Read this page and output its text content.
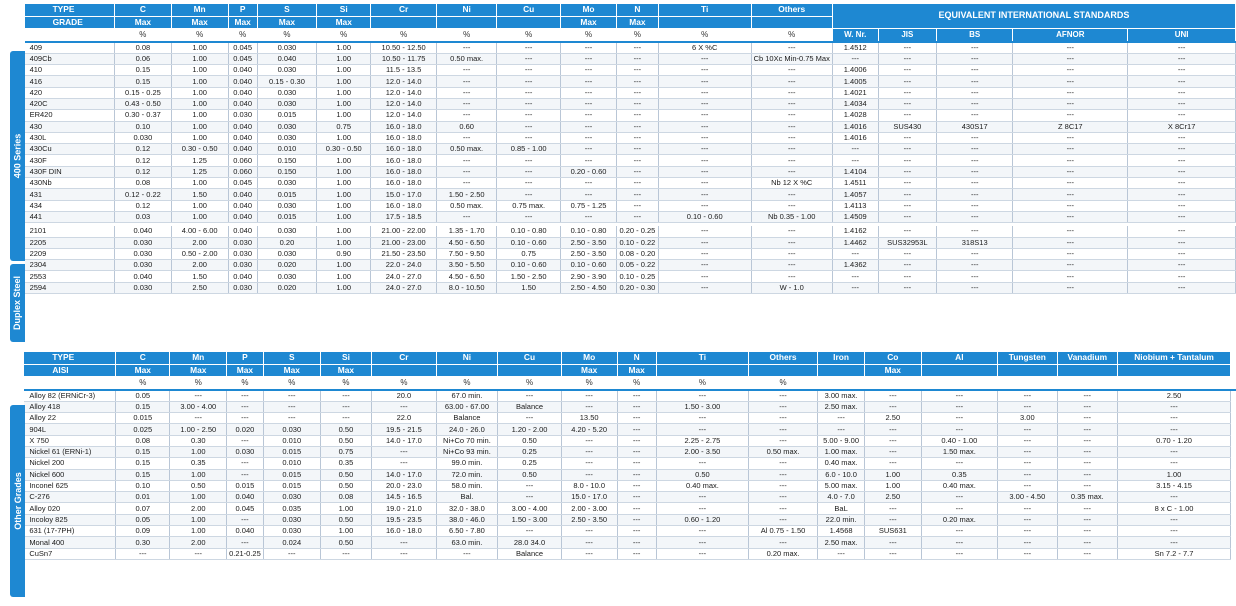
	TYPE	C	Mn	P	S	Si	Cr	Ni	Cu	Mo	N	Ti	Others	EQUIVALENT INTERNATIONAL STANDARDS				
	GRADE	Max	Max	Max	Max	Max				Max	Max							
		%	%	%	%	%	%	%	%	%	%	%	%	W. Nr.	JIS	BS	AFNOR	UNI
	409	0.08	1.00	0.045	0.030	1.00	10.50 - 12.50	---	---	---	---	6 X %C	---	1.4512	---	---	---	---
	409Cb	0.06	1.00	0.045	0.040	1.00	10.50 - 11.75	0.50 max.	---	---	---	---	Cb 10Xc Min-0.75 Max	---	---	---	---	---
	410	0.15	1.00	0.040	0.030	1.00	11.5 - 13.5	---	---	---	---	---	---	1.4006	---	---	---	---
	416	0.15	1.00	0.040	0.15 - 0.30	1.00	12.0 - 14.0	---	---	---	---	---	---	1.4005	---	---	---	---
	420	0.15 - 0.25	1.00	0.040	0.030	1.00	12.0 - 14.0	---	---	---	---	---	---	1.4021	---	---	---	---
	420C	0.43 - 0.50	1.00	0.040	0.030	1.00	12.0 - 14.0	---	---	---	---	---	---	1.4034	---	---	---	---
	ER420	0.30 - 0.37	1.00	0.030	0.015	1.00	12.0 - 14.0	---	---	---	---	---	---	1.4028	---	---	---	---
	430	0.10	1.00	0.040	0.030	0.75	16.0 - 18.0	0.60	---	---	---	---	---	1.4016	SUS430	430S17	Z 8C17	X 8Cr17
	430L	0.030	1.00	0.040	0.030	1.00	16.0 - 18.0	---	---	---	---	---	---	1.4016	---	---	---	---
	430Cu	0.12	0.30 - 0.50	0.040	0.010	0.30 - 0.50	16.0 - 18.0	0.50 max.	0.85 - 1.00	---	---	---	---	---	---	---	---	---
	430F	0.12	1.25	0.060	0.150	1.00	16.0 - 18.0	---	---	---	---	---	---	---	---	---	---	---
	430F DIN	0.12	1.25	0.060	0.150	1.00	16.0 - 18.0	---	---	0.20 - 0.60	---	---	---	1.4104	---	---	---	---
	430Nb	0.08	1.00	0.045	0.030	1.00	16.0 - 18.0	---	---	---	---	---	Nb 12 X %C	1.4511	---	---	---	---
	431	0.12 - 0.22	1.50	0.040	0.015	1.00	15.0 - 17.0	1.50 - 2.50	---	---	---	---	---	1.4057	---	---	---	---
	434	0.12	1.00	0.040	0.030	1.00	16.0 - 18.0	0.50 max.	0.75 max.	0.75 - 1.25	---	---	---	1.4113	---	---	---	---
	441	0.03	1.00	0.040	0.015	1.00	17.5 - 18.5	---	---	---	---	0.10 - 0.60	Nb 0.35 - 1.00	1.4509	---	---	---	---

	2101	0.040	4.00 - 6.00	0.040	0.030	1.00	21.00 - 22.00	1.35 - 1.70	0.10 - 0.80	0.10 - 0.80	0.20 - 0.25	---	---	1.4162	---	---	---	---
	2205	0.030	2.00	0.030	0.20	1.00	21.00 - 23.00	4.50 - 6.50	0.10 - 0.60	2.50 - 3.50	0.10 - 0.22	---	---	1.4462	SUS32953L	318S13	---	---
	2209	0.030	0.50 - 2.00	0.030	0.030	0.90	21.50 - 23.50	7.50 - 9.50	0.75	2.50 - 3.50	0.08 - 0.20	---	---	---	---	---	---	---
	2304	0.030	2.00	0.030	0.020	1.00	22.0 - 24.0	3.50 - 5.50	0.10 - 0.60	0.10 - 0.60	0.05 - 0.22	---	---	1.4362	---	---	---	---
	2553	0.040	1.50	0.040	0.030	1.00	24.0 - 27.0	4.50 - 6.50	1.50 - 2.50	2.90 - 3.90	0.10 - 0.25	---	---	---	---	---	---	---
	2594	0.030	2.50	0.030	0.020	1.00	24.0 - 27.0	8.0 - 10.50	1.50	2.50 - 4.50	0.20 - 0.30	---	W - 1.0	---	---	---	---	---
400 Series
Duplex Steel
	TYPE	C	Mn	P	S	Si	Cr	Ni	Cu	Mo	N	Ti	Others	Iron	Co	Al	Tungsten	Vanadium	Niobium + Tantalum	
	AISI	Max	Max	Max	Max	Max				Max	Max				Max					
		%	%	%	%	%	%	%	%	%	%	%	%							
	Alloy 82 (ERNiCr-3)	0.05	---	---	---	---	20.0	67.0 min.	---	---	---	---	---	3.00 max.	---	---	---	---	2.50	
	Alloy 418	0.15	3.00 - 4.00	---	---	---	---	63.00 - 67.00	Balance	---	---	1.50 - 3.00	---	2.50 max.	---	---	---	---	---	
	Alloy 22	0.015	---	---	---	---	22.0	Balance	---	13.50	---	---	---	---	2.50	---	3.00	---	---	
	904L	0.025	1.00 - 2.50	0.020	0.030	0.50	19.5 - 21.5	24.0 - 26.0	1.20 - 2.00	4.20 - 5.20	---	---	---	---	---	---	---	---	---	
	X 750	0.08	0.30	---	0.010	0.50	14.0 - 17.0	Ni+Co 70 min.	0.50	---	---	2.25 - 2.75	---	5.00 - 9.00	---	0.40 - 1.00	---	---	0.70 - 1.20	
	Nickel 61 (ERNi-1)	0.15	1.00	0.030	0.015	0.75	---	Ni+Co 93 min.	0.25	---	---	2.00 - 3.50	0.50 max.	1.00 max.	---	1.50 max.	---	---	---	
	Nickel 200	0.15	0.35	---	0.010	0.35	---	99.0 min.	0.25	---	---	---	---	0.40 max.	---	---	---	---	---	
	Nickel 600	0.15	1.00	---	0.015	0.50	14.0 - 17.0	72.0 min.	0.50	---	---	0.50	---	6.0 - 10.0	1.00	0.35	---	---	1.00	
	Inconel 625	0.10	0.50	0.015	0.015	0.50	20.0 - 23.0	58.0 min.	---	8.0 - 10.0	---	0.40 max.	---	5.00 max.	1.00	0.40 max.	---	---	3.15 - 4.15	
	C-276	0.01	1.00	0.040	0.030	0.08	14.5 - 16.5	Bal.	---	15.0 - 17.0	---	---	---	4.0 - 7.0	2.50	---	3.00 - 4.50	0.35 max.	---	
	Alloy 020	0.07	2.00	0.045	0.035	1.00	19.0 - 21.0	32.0 - 38.0	3.00 - 4.00	2.00 - 3.00	---	---	---	BaL	---	---	---	---	8 x C - 1.00	
	Incoloy 825	0.05	1.00	---	0.030	0.50	19.5 - 23.5	38.0 - 46.0	1.50 - 3.00	2.50 - 3.50	---	0.60 - 1.20	---	22.0 min.	---	0.20 max.	---	---	---	
	631 (17-7PH)	0.09	1.00	0.040	0.030	1.00	16.0 - 18.0	6.50 - 7.80	---	---	---	---	Al 0.75 - 1.50	1.4568	SUS631	---	---	---	---	
	Monal 400	0.30	2.00	---	0.024	0.50	---	63.0 min.	28.0 34.0	---	---	---	---	2.50 max.	---	---	---	---	---	
	CuSn7	---	---	0.21-0.25	---	---	---	---	Balance	---	---	---	0.20 max.	---	---	---	---	---	Sn 7.2 - 7.7	
Other Grades
